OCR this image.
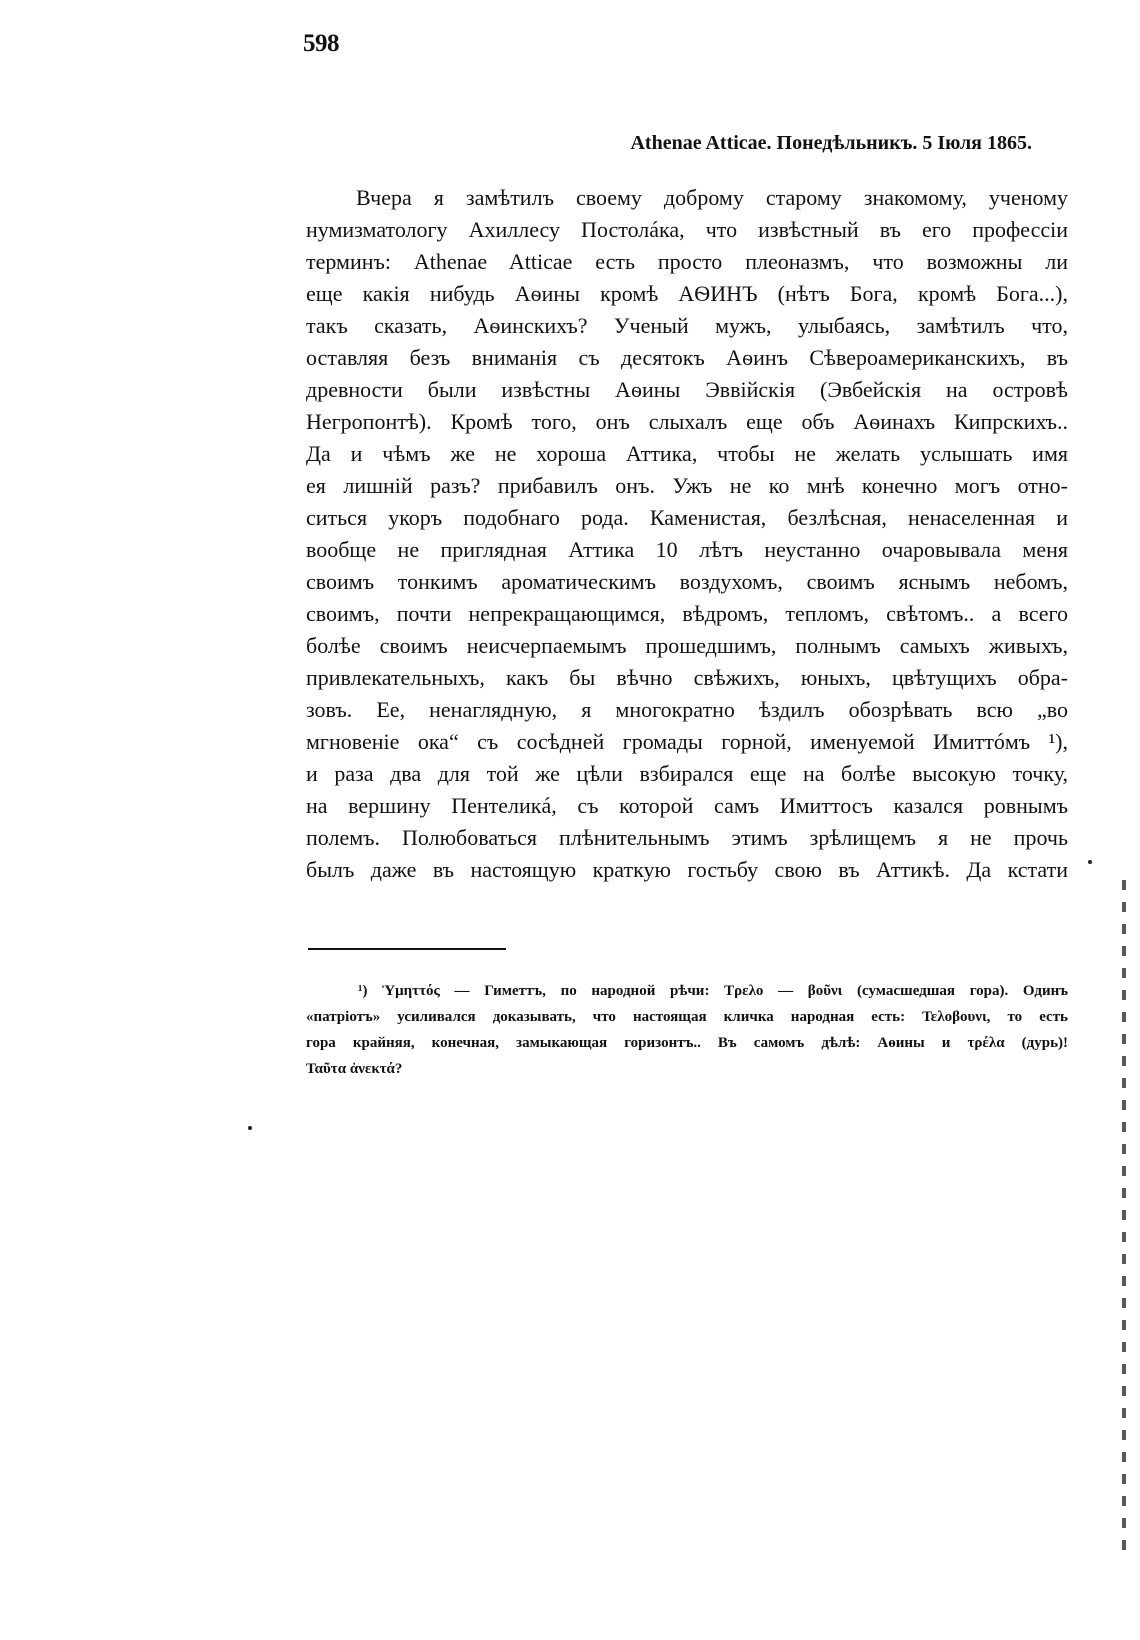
598
Athenae Atticae. Понедѣльникъ. 5 Іюля 1865.
Вчера я замѣтилъ своему доброму старому знакомому, ученому
нумизматологу Ахиллесу Постолáка, что извѣстный въ его профессіи
терминъ: Athenae Atticae есть просто плеоназмъ, что возможны ли
еще какія нибудь Аѳины кромѣ АѲИНЪ (нѣтъ Бога, кромѣ Бога...),
такъ сказать, Аѳинскихъ? Ученый мужъ, улыбаясь, замѣтилъ что,
оставляя безъ вниманія съ десятокъ Аѳинъ Сѣвероамериканскихъ, въ
древности были извѣстны Аѳины Эввійскія (Эвбейскія на островѣ
Негропонтѣ). Кромѣ того, онъ слыхалъ еще объ Аѳинахъ Кипрскихъ..
Да и чѣмъ же не хороша Аттика, чтобы не желать услышать имя
ея лишній разъ? прибавилъ онъ. Ужъ не ко мнѣ конечно могъ отно-
ситься укоръ подобнаго рода. Каменистая, безлѣсная, ненаселенная и
вообще не приглядная Аттика 10 лѣтъ неустанно очаровывала меня
своимъ тонкимъ ароматическимъ воздухомъ, своимъ яснымъ небомъ,
своимъ, почти непрекращающимся, вѣдромъ, тепломъ, свѣтомъ.. а всего
болѣе своимъ неисчерпаемымъ прошедшимъ, полнымъ самыхъ живыхъ,
привлекательныхъ, какъ бы вѣчно свѣжихъ, юныхъ, цвѣтущихъ обра-
зовъ. Ее, ненаглядную, я многократно ѣздилъ обозрѣвать всю „во
мгновеніе ока“ съ сосѣдней громады горной, именуемой Имиттóмъ ¹),
и раза два для той же цѣли взбирался еще на болѣе высокую точку,
на вершину Пентеликá, съ которой самъ Имиттосъ казался ровнымъ
полемъ. Полюбоваться плѣнительнымъ этимъ зрѣлищемъ я не прочь
былъ даже въ настоящую краткую гостьбу свою въ Аттикѣ. Да кстати
¹) Ὑμηττός — Гиметтъ, по народной рѣчи: Τρελο — βοῦνι (сумасшедшая гора). Одинъ
«патріотъ» усиливался доказывать, что настоящая кличка народная есть: Τελοβουνι, то есть
гора крайняя, конечная, замыкающая горизонтъ.. Въ самомъ дѣлѣ: Аѳины и τρέλα (дурь)!
Ταῦτα ἀνεκτά?
